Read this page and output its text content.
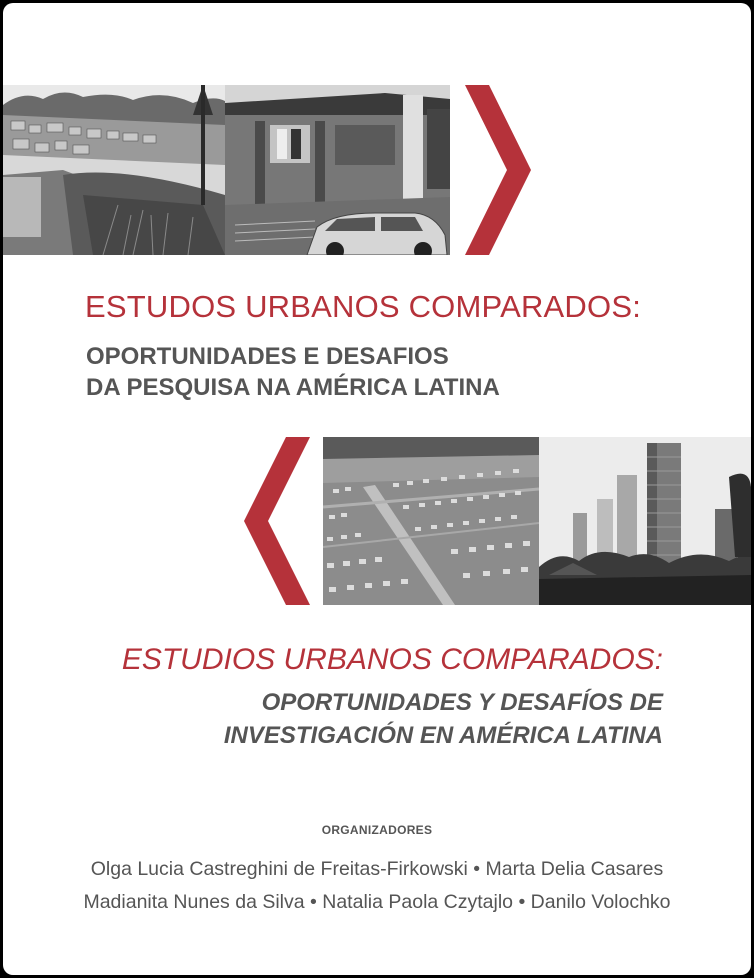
ESTUDOS URBANOS COMPARADOS:
OPORTUNIDADES E DESAFIOS
DA PESQUISA NA AMÉRICA LATINA
ESTUDIOS URBANOS COMPARADOS:
OPORTUNIDADES Y DESAFÍOS DE
INVESTIGACIÓN EN AMÉRICA LATINA
ORGANIZADORES
Olga Lucia Castreghini de Freitas-Firkowski • Marta Delia Casares
Madianita Nunes da Silva • Natalia Paola Czytajlo • Danilo Volochko
